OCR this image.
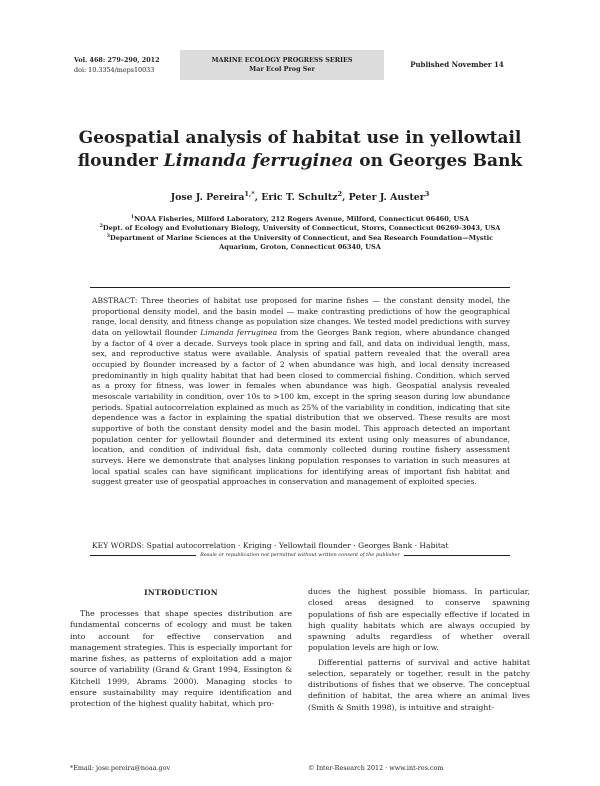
Vol. 468: 279–290, 2012
doi: 10.3354/meps10033
MARINE ECOLOGY PROGRESS SERIES
Mar Ecol Prog Ser	Published November 14
Geospatial analysis of habitat use in yellowtail
flounder Limanda ferruginea on Georges Bank
Jose J. Pereira$^{1,*}$, Eric T. Schultz$^2$, Peter J. Auster$^3$

$^1$NOAA Fisheries, Milford Laboratory, 212 Rogers Avenue, Milford, Connecticut 06460, USA

$^2$Dept. of Ecology and Evolutionary Biology, University of Connecticut, Storrs, Connecticut 06269-3043, USA

$^3$Department of Marine Sciences at the University of Connecticut, and Sea Research Foundation—Mystic Aquarium, Groton, Connecticut 06340, USA

ABSTRACT: Three theories of habitat use proposed for marine fishes — the constant density model, the proportional density model, and the basin model — make contrasting predictions of how the geographical range, local density, and fitness change as population size changes. We tested model predictions with survey data on yellowtail flounder Limanda ferruginea from the Georges Bank region, where abundance changed by a factor of 4 over a decade. Surveys took place in spring and fall, and data on individual length, mass, sex, and reproductive status were available. Analysis of spatial pattern revealed that the overall area occupied by flounder increased by a factor of 2 when abundance was high, and local density increased predominantly in high quality habitat that had been closed to commercial fishing. Condition, which served as a proxy for fitness, was lower in females when abundance was high. Geospatial analysis revealed mesoscale variability in condition, over 10s to >100 km, except in the spring season during low abundance periods. Spatial autocorrelation explained as much as 25% of the variability in condition, indicating that site dependence was a factor in explaining the spatial distribution that we observed. These results are most supportive of both the constant density model and the basin model. This approach detected an important population center for yellowtail flounder and determined its extent using only measures of abundance, location, and condition of individual fish, data commonly collected during routine fishery assessment surveys. Here we demonstrate that analyses linking population responses to variation in such measures at local spatial scales can have significant implications for identifying areas of important fish habitat and suggest greater use of geospatial approaches in conservation and management of exploited species.
KEY WORDS: Spatial autocorrelation · Kriging · Yellowtail flounder · Georges Bank · Habitat
Resale or republication not permitted without written consent of the publisher
INTRODUCTION

The processes that shape species distribution are fundamental concerns of ecology and must be taken into account for effective conservation and management strategies. This is especially important for marine fishes, as patterns of exploitation add a major source of variability (Grand & Grant 1994, Essington & Kitchell 1999, Abrams 2000). Managing stocks to ensure sustainability may require identification and protection of the highest quality habitat, which pro-

duces the highest possible biomass. In particular, closed areas designed to conserve spawning populations of fish are especially effective if located in high quality habitats which are always occupied by spawning adults regardless of whether overall population levels are high or low.

Differential patterns of survival and active habitat selection, separately or together, result in the patchy distributions of fishes that we observe. The conceptual definition of habitat, the area where an animal lives (Smith & Smith 1998), is intuitive and straight-

*Email: jose.pereira@noaa.gov	© Inter-Research 2012 · www.int-res.com
